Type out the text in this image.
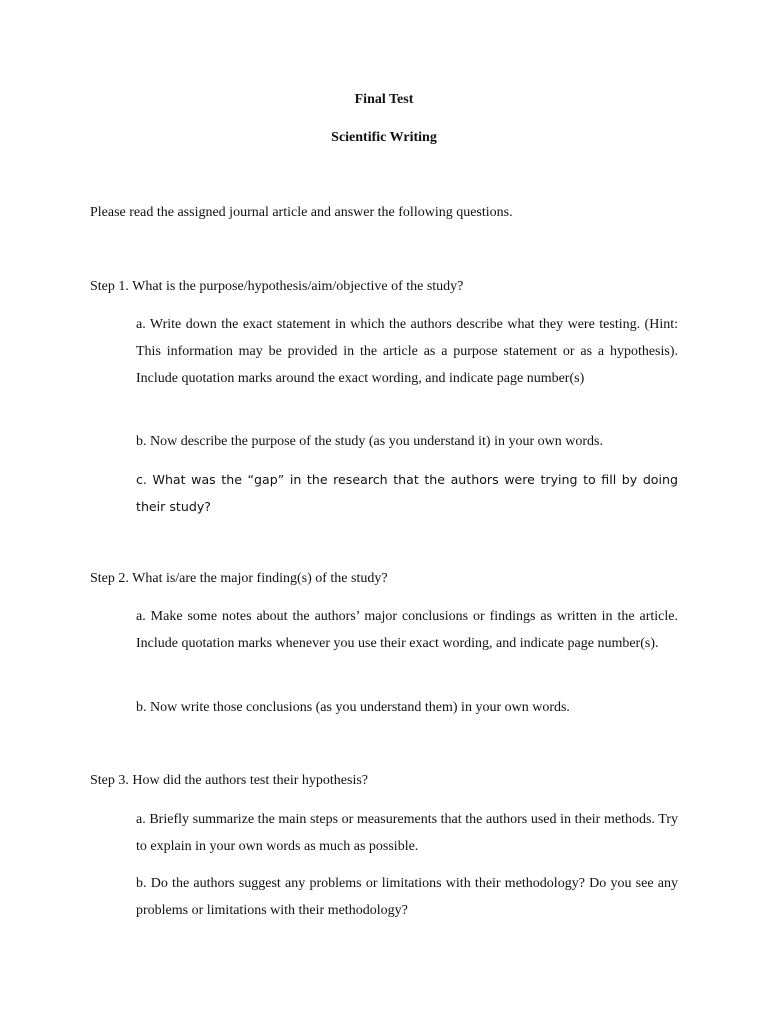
Final Test

Scientific Writing

Please read the assigned journal article and answer the following questions.

Step 1. What is the purpose/hypothesis/aim/objective of the study?

a. Write down the exact statement in which the authors describe what they were testing. (Hint: This information may be provided in the article as a purpose statement or as a hypothesis). Include quotation marks around the exact wording, and indicate page number(s)

b. Now describe the purpose of the study (as you understand it) in your own words.

c. What was the “gap” in the research that the authors were trying to fill by doing their study?

Step 2. What is/are the major finding(s) of the study?

a. Make some notes about the authors’ major conclusions or findings as written in the article. Include quotation marks whenever you use their exact wording, and indicate page number(s).

b. Now write those conclusions (as you understand them) in your own words.

Step 3. How did the authors test their hypothesis?

a. Briefly summarize the main steps or measurements that the authors used in their methods. Try to explain in your own words as much as possible.

b. Do the authors suggest any problems or limitations with their methodology? Do you see any problems or limitations with their methodology?
